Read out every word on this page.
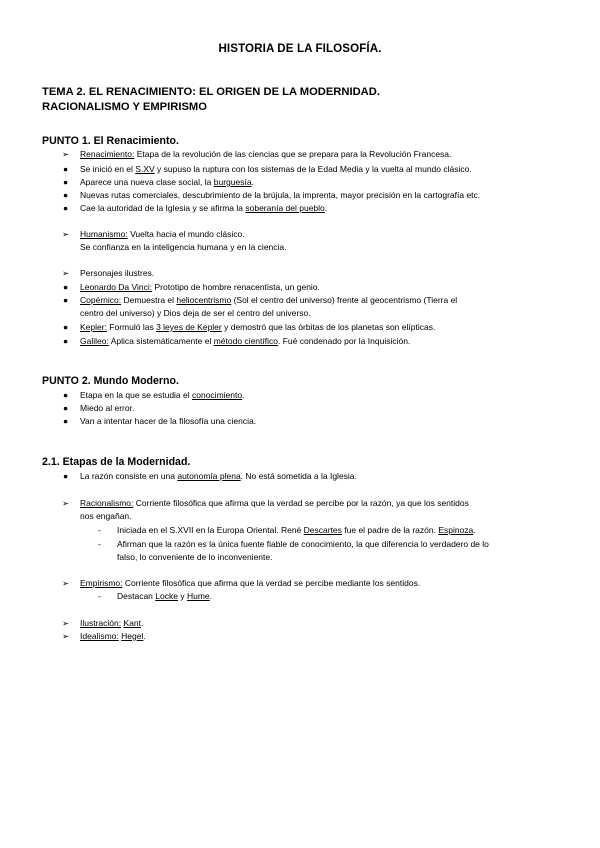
HISTORIA DE LA FILOSOFÍA.
TEMA 2. EL RENACIMIENTO: EL ORIGEN DE LA MODERNIDAD.
RACIONALISMO Y EMPIRISMO
PUNTO 1. El Renacimiento.
➢ Renacimiento: Etapa de la revolución de las ciencias que se prepara para la Revolución Francesa.
● Se inició en el S.XV y supuso la ruptura con los sistemas de la Edad Media y la vuelta al mundo clásico.
● Aparece una nueva clase social, la burguesía.
● Nuevas rutas comerciales, descubrimiento de la brújula, la imprenta, mayor precisión en la cartografía etc.
● Cae la autoridad de la Iglesia y se afirma la soberanía del pueblo.
➢ Humanismo: Vuelta hacia el mundo clásico.
Se confianza en la inteligencia humana y en la ciencia.
➢ Personajes ilustres.
● Leonardo Da Vinci: Prototipo de hombre renacentista, un genio.
● Copérnico: Demuestra el heliocentrismo (Sol el centro del universo) frente al geocentrismo (Tierra el
centro del universo) y Dios deja de ser el centro del universo.
● Kepler: Formuló las 3 leyes de Kepler y demostró que las órbitas de los planetas son elípticas.
● Galileo: Aplica sistemáticamente el método científico. Fué condenado por la Inquisición.
PUNTO 2. Mundo Moderno.
● Etapa en la que se estudia el conocimiento.
● Miedo al error.
● Van a intentar hacer de la filosofía una ciencia.
2.1. Etapas de la Modernidad.
● La razón consiste en una autonomía plena. No está sometida a la Iglesia.
➢ Racionalismo: Corriente filosófica que afirma que la verdad se percibe por la razón, ya que los sentidos
nos engañan.
- Iniciada en el S.XVII en la Europa Oriental. René Descartes fue el padre de la razón. Espinoza.
- Afirman que la razón es la única fuente fiable de conocimiento, la que diferencia lo verdadero de lo
falso, lo conveniente de lo inconveniente.
➢ Empirismo: Corriente filosófica que afirma que la verdad se percibe mediante los sentidos.
- Destacan Locke y Hume.
➢ Ilustración: Kant.
➢ Idealismo: Hegel.
